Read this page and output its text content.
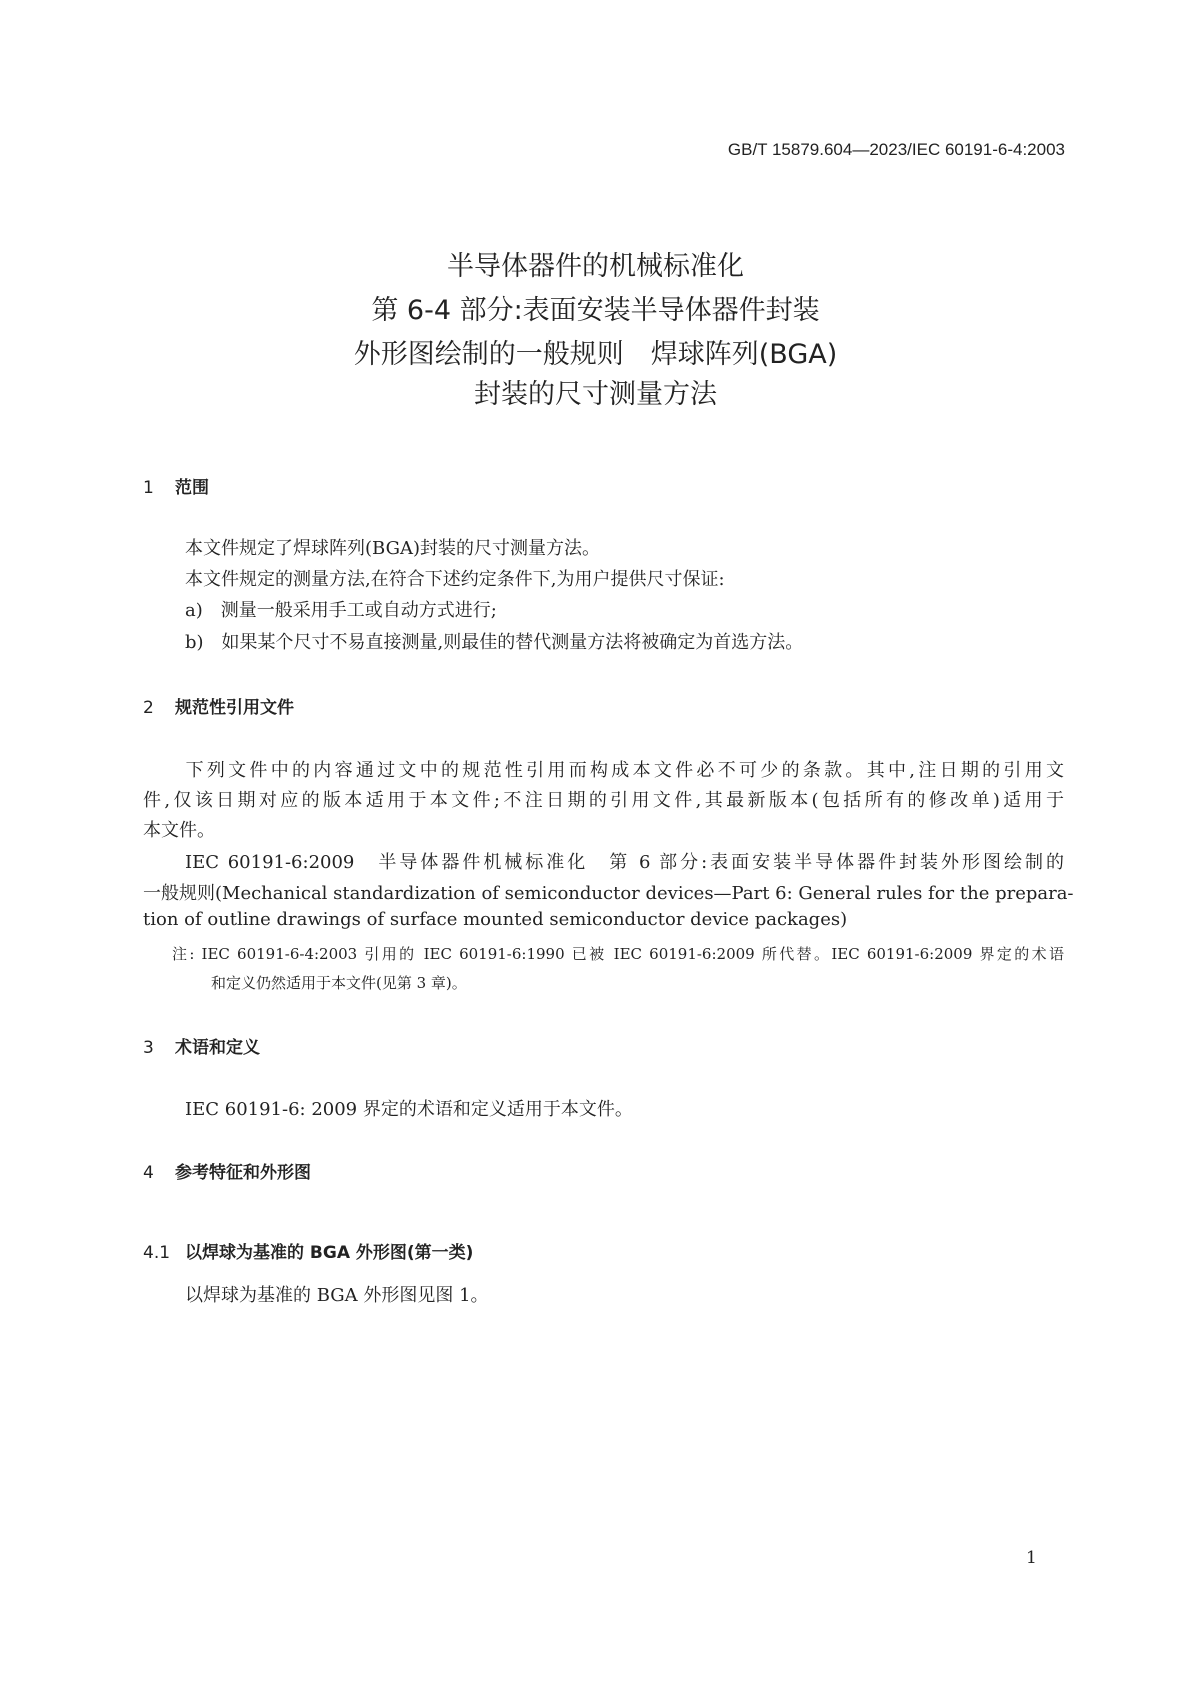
GB/T 15879.604—2023/IEC 60191-6-4:2003
半导体器件的机械标准化
第 6-4 部分:表面安装半导体器件封装
外形图绘制的一般规则　焊球阵列(BGA)
封装的尺寸测量方法
1 范围
本文件规定了焊球阵列(BGA)封装的尺寸测量方法。
本文件规定的测量方法,在符合下述约定条件下,为用户提供尺寸保证:
a)　测量一般采用手工或自动方式进行;
b)　如果某个尺寸不易直接测量,则最佳的替代测量方法将被确定为首选方法。
2 规范性引用文件
　　下列文件中的内容通过文中的规范性引用而构成本文件必不可少的条款。其中,注日期的引用文
件,仅该日期对应的版本适用于本文件;不注日期的引用文件,其最新版本(包括所有的修改单)适用于
本文件。
　　IEC 60191-6:2009　半导体器件机械标准化　第 6 部分:表面安装半导体器件封装外形图绘制的
一般规则(Mechanical standardization of semiconductor devices—Part 6: General rules for the prepara-
tion of outline drawings of surface mounted semiconductor device packages)
注: IEC 60191-6-4:2003 引用的 IEC 60191-6:1990 已被 IEC 60191-6:2009 所代替。IEC 60191-6:2009 界定的术语
和定义仍然适用于本文件(见第 3 章)。
3 术语和定义
IEC 60191-6: 2009 界定的术语和定义适用于本文件。
4 参考特征和外形图
4.1 以焊球为基准的 BGA 外形图(第一类)
以焊球为基准的 BGA 外形图见图 1。
1
